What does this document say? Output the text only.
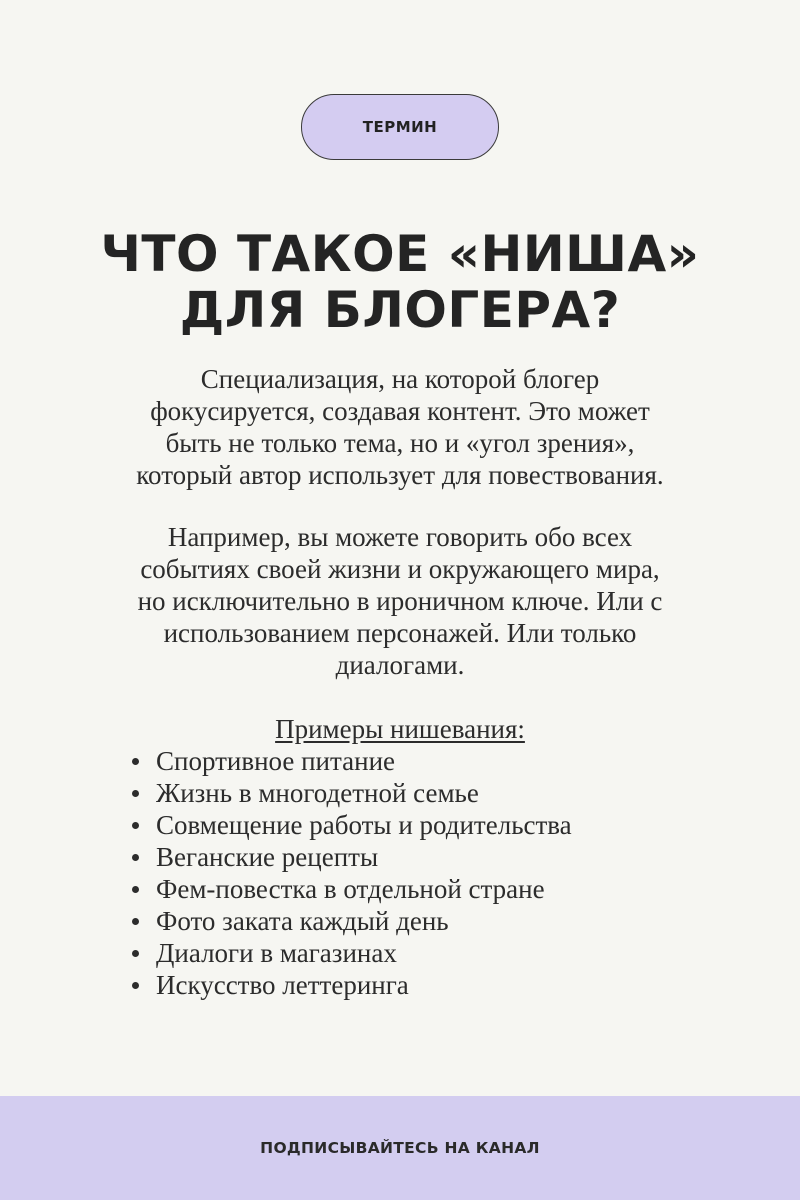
ТЕРМИН
ЧТО ТАКОЕ «НИША»
ДЛЯ БЛОГЕРА?

Специализация, на которой блогер
фокусируется, создавая контент. Это может
быть не только тема, но и «угол зрения»,
который автор использует для повествования.

Например, вы можете говорить обо всех
событиях своей жизни и окружающего мира,
но исключительно в ироничном ключе. Или с
использованием персонажей. Или только
диалогами.

Примеры нишевания:

Спортивное питание
Жизнь в многодетной семье
Совмещение работы и родительства
Веганские рецепты
Фем-повестка в отдельной стране
Фото заката каждый день
Диалоги в магазинах
Искусство леттеринга
ПОДПИСЫВАЙТЕСЬ НА КАНАЛ
